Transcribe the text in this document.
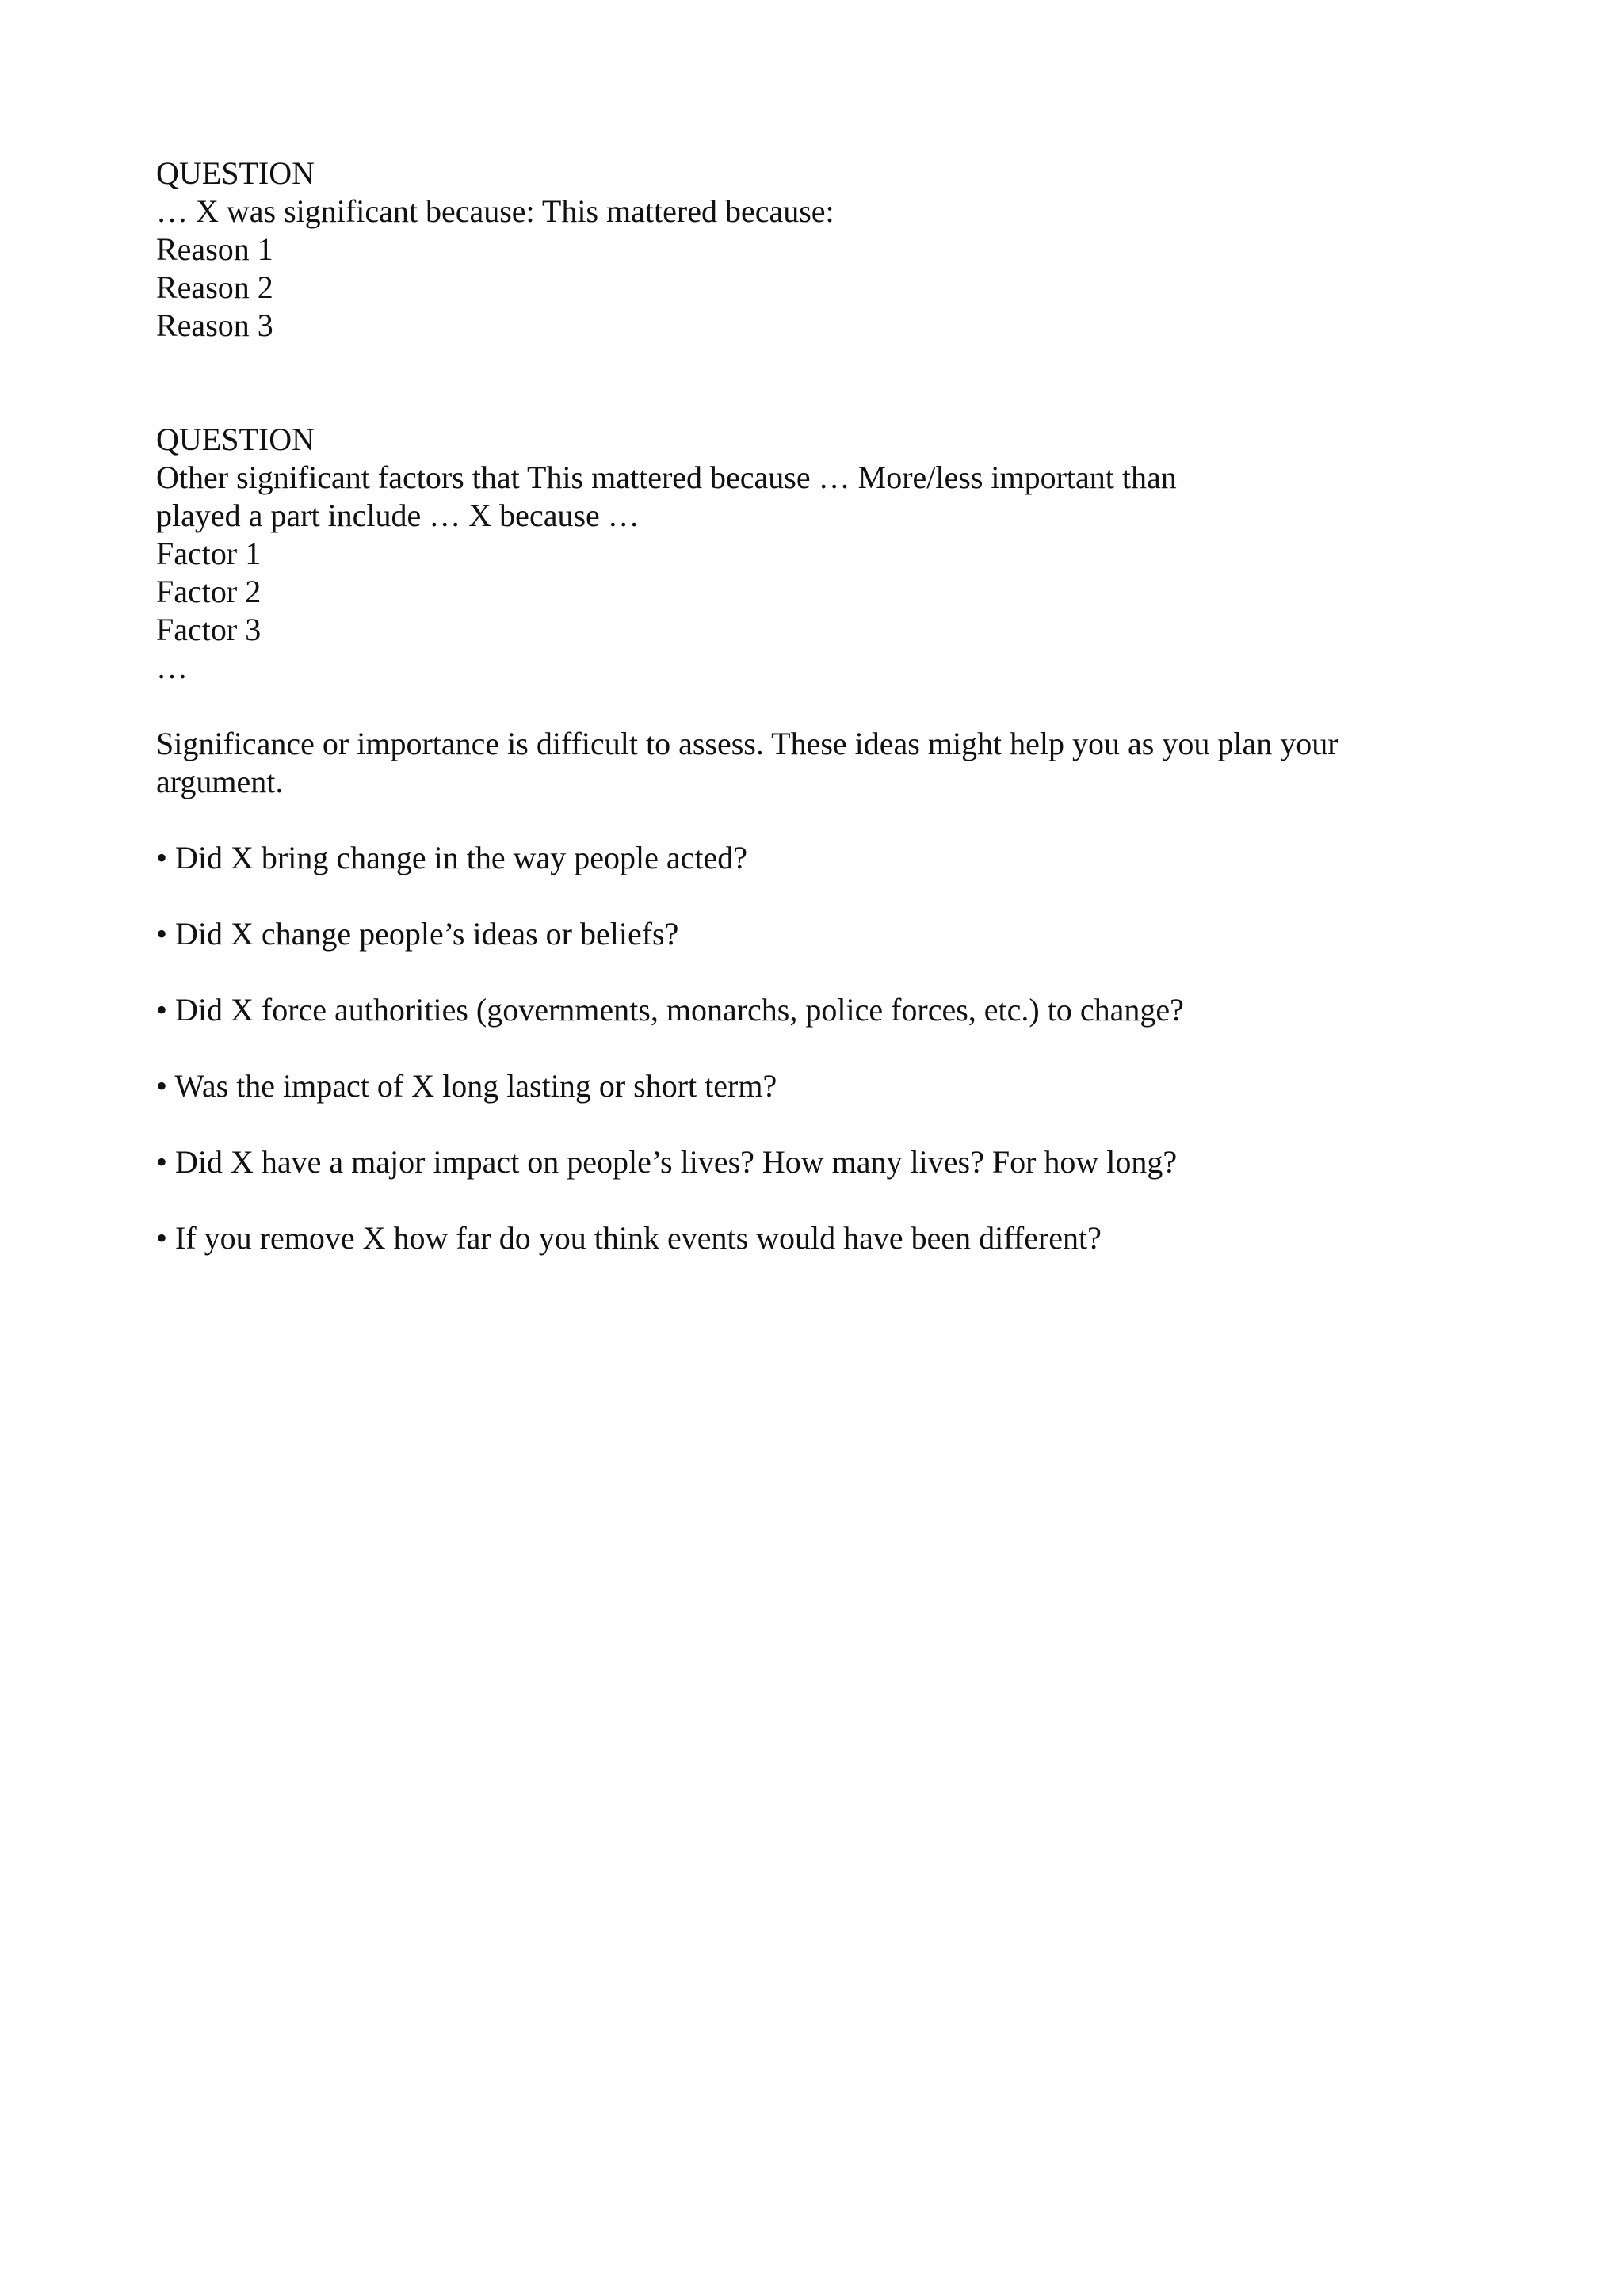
QUESTION
… X was significant because: This mattered because:
Reason 1
Reason 2
Reason 3
QUESTION
Other significant factors that This mattered because … More/less important than
played a part include … X because …
Factor 1
Factor 2
Factor 3
…

Significance or importance is difficult to assess. These ideas might help you as you plan your argument.

• Did X bring change in the way people acted?
• Did X change people’s ideas or beliefs?
• Did X force authorities (governments, monarchs, police forces, etc.) to change?
• Was the impact of X long lasting or short term?
• Did X have a major impact on people’s lives? How many lives? For how long?
• If you remove X how far do you think events would have been different?
